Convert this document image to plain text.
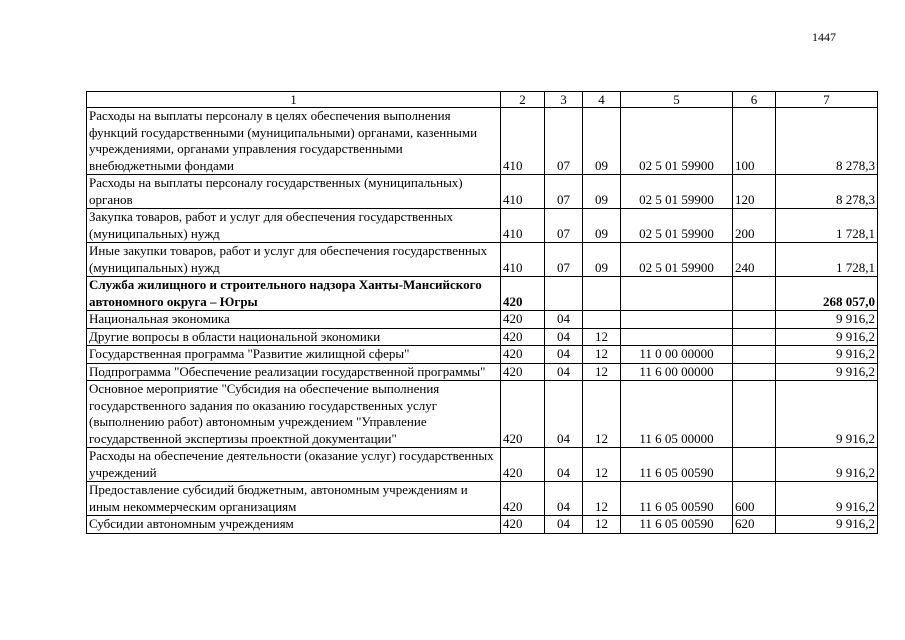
1447
1	2	3	4	5	6	7
Расходы на выплаты персоналу в целях обеспечения выполнения функций государственными (муниципальными) органами, казенными учреждениями, органами управления государственными внебюджетными фондами	410	07	09	02 5 01 59900	100	8 278,3
Расходы на выплаты персоналу государственных (муниципальных) органов	410	07	09	02 5 01 59900	120	8 278,3
Закупка товаров, работ и услуг для обеспечения государственных (муниципальных) нужд	410	07	09	02 5 01 59900	200	1 728,1
Иные закупки товаров, работ и услуг для обеспечения государственных (муниципальных) нужд	410	07	09	02 5 01 59900	240	1 728,1
Служба жилищного и строительного надзора Ханты-Мансийского автономного округа – Югры	420					268 057,0
Национальная экономика	420	04				9 916,2
Другие вопросы в области национальной экономики	420	04	12			9 916,2
Государственная программа "Развитие жилищной сферы"	420	04	12	11 0 00 00000		9 916,2
Подпрограмма "Обеспечение реализации государственной программы"	420	04	12	11 6 00 00000		9 916,2
Основное мероприятие "Субсидия на обеспечение выполнения государственного задания по оказанию государственных услуг (выполнению работ) автономным учреждением "Управление государственной экспертизы проектной документации"	420	04	12	11 6 05 00000		9 916,2
Расходы на обеспечение деятельности (оказание услуг) государственных учреждений	420	04	12	11 6 05 00590		9 916,2
Предоставление субсидий бюджетным, автономным учреждениям и иным некоммерческим организациям	420	04	12	11 6 05 00590	600	9 916,2
Субсидии автономным учреждениям	420	04	12	11 6 05 00590	620	9 916,2
